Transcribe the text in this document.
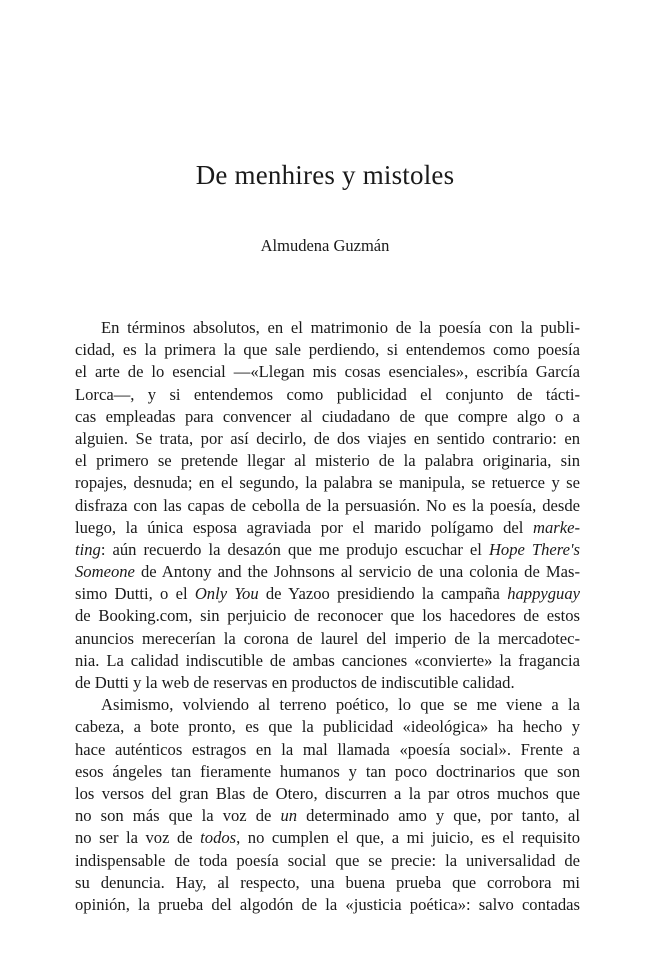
De menhires y mistoles
Almudena Guzmán
En términos absolutos, en el matrimonio de la poesía con la publi-
cidad, es la primera la que sale perdiendo, si entendemos como poesía
el arte de lo esencial —«Llegan mis cosas esenciales», escribía García
Lorca—, y si entendemos como publicidad el conjunto de tácti-
cas empleadas para convencer al ciudadano de que compre algo o a
alguien. Se trata, por así decirlo, de dos viajes en sentido contrario: en
el primero se pretende llegar al misterio de la palabra originaria, sin
ropajes, desnuda; en el segundo, la palabra se manipula, se retuerce y se
disfraza con las capas de cebolla de la persuasión. No es la poesía, desde
luego, la única esposa agraviada por el marido polígamo del marke-
ting: aún recuerdo la desazón que me produjo escuchar el Hope There's
Someone de Antony and the Johnsons al servicio de una colonia de Mas-
simo Dutti, o el Only You de Yazoo presidiendo la campaña happyguay
de Booking.com, sin perjuicio de reconocer que los hacedores de estos
anuncios merecerían la corona de laurel del imperio de la mercadotec-
nia. La calidad indiscutible de ambas canciones «convierte» la fragancia
de Dutti y la web de reservas en productos de indiscutible calidad.
Asimismo, volviendo al terreno poético, lo que se me viene a la
cabeza, a bote pronto, es que la publicidad «ideológica» ha hecho y
hace auténticos estragos en la mal llamada «poesía social». Frente a
esos ángeles tan fieramente humanos y tan poco doctrinarios que son
los versos del gran Blas de Otero, discurren a la par otros muchos que
no son más que la voz de un determinado amo y que, por tanto, al
no ser la voz de todos, no cumplen el que, a mi juicio, es el requisito
indispensable de toda poesía social que se precie: la universalidad de
su denuncia. Hay, al respecto, una buena prueba que corrobora mi
opinión, la prueba del algodón de la «justicia poética»: salvo contadas
